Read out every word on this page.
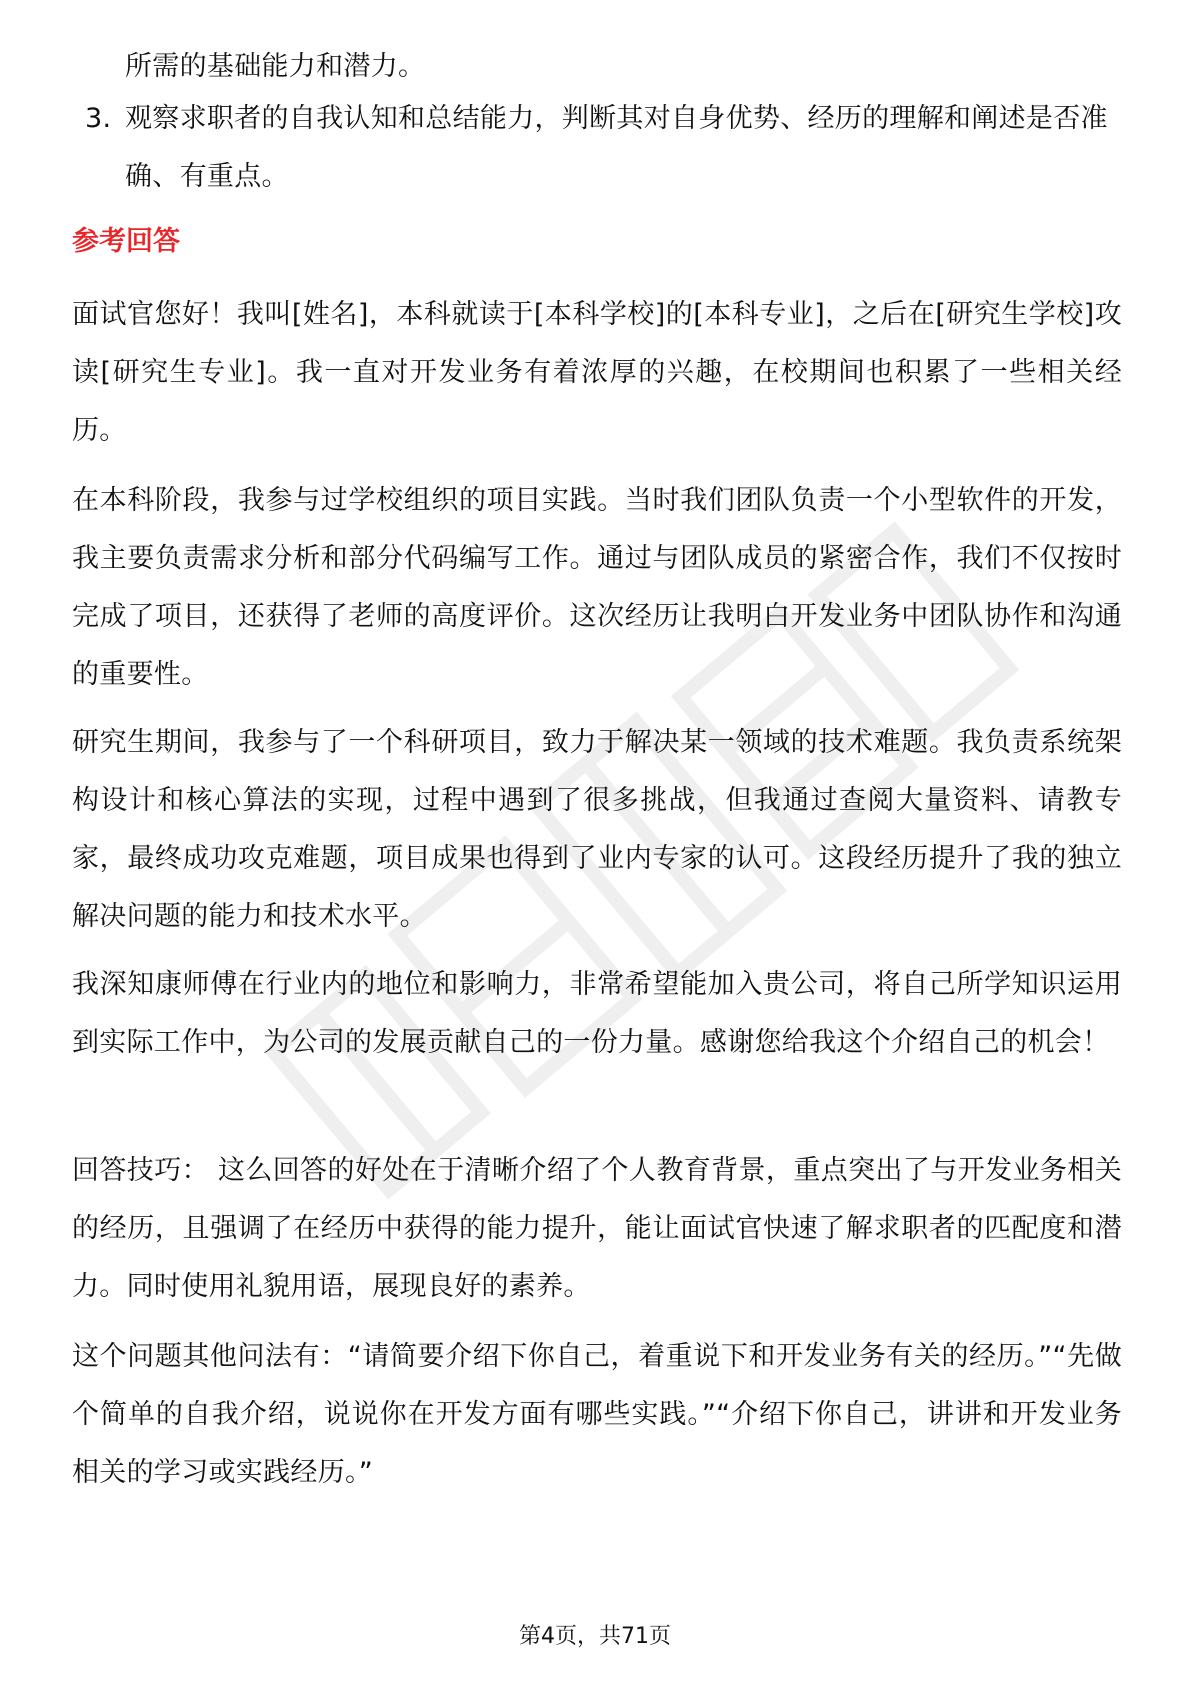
所需的基础能力和潜力。
3. 观察求职者的自我认知和总结能力，判断其对自身优势、经历的理解和阐述是否准确、有重点。
参考回答
面试官您好！我叫[姓名]，本科就读于[本科学校]的[本科专业]，之后在[研究生学校]攻读[研究生专业]。我一直对开发业务有着浓厚的兴趣，在校期间也积累了一些相关经历。
在本科阶段，我参与过学校组织的项目实践。当时我们团队负责一个小型软件的开发，我主要负责需求分析和部分代码编写工作。通过与团队成员的紧密合作，我们不仅按时完成了项目，还获得了老师的高度评价。这次经历让我明白开发业务中团队协作和沟通的重要性。
研究生期间，我参与了一个科研项目，致力于解决某一领域的技术难题。我负责系统架构设计和核心算法的实现，过程中遇到了很多挑战，但我通过查阅大量资料、请教专家，最终成功攻克难题，项目成果也得到了业内专家的认可。这段经历提升了我的独立解决问题的能力和技术水平。
我深知康师傅在行业内的地位和影响力，非常希望能加入贵公司，将自己所学知识运用到实际工作中，为公司的发展贡献自己的一份力量。感谢您给我这个介绍自己的机会！
回答技巧： 这么回答的好处在于清晰介绍了个人教育背景，重点突出了与开发业务相关的经历，且强调了在经历中获得的能力提升，能让面试官快速了解求职者的匹配度和潜力。同时使用礼貌用语，展现良好的素养。
这个问题其他问法有：“请简要介绍下你自己，着重说下和开发业务有关的经历。”“先做个简单的自我介绍，说说你在开发方面有哪些实践。”“介绍下你自己，讲讲和开发业务相关的学习或实践经历。”
第4页，共71页
